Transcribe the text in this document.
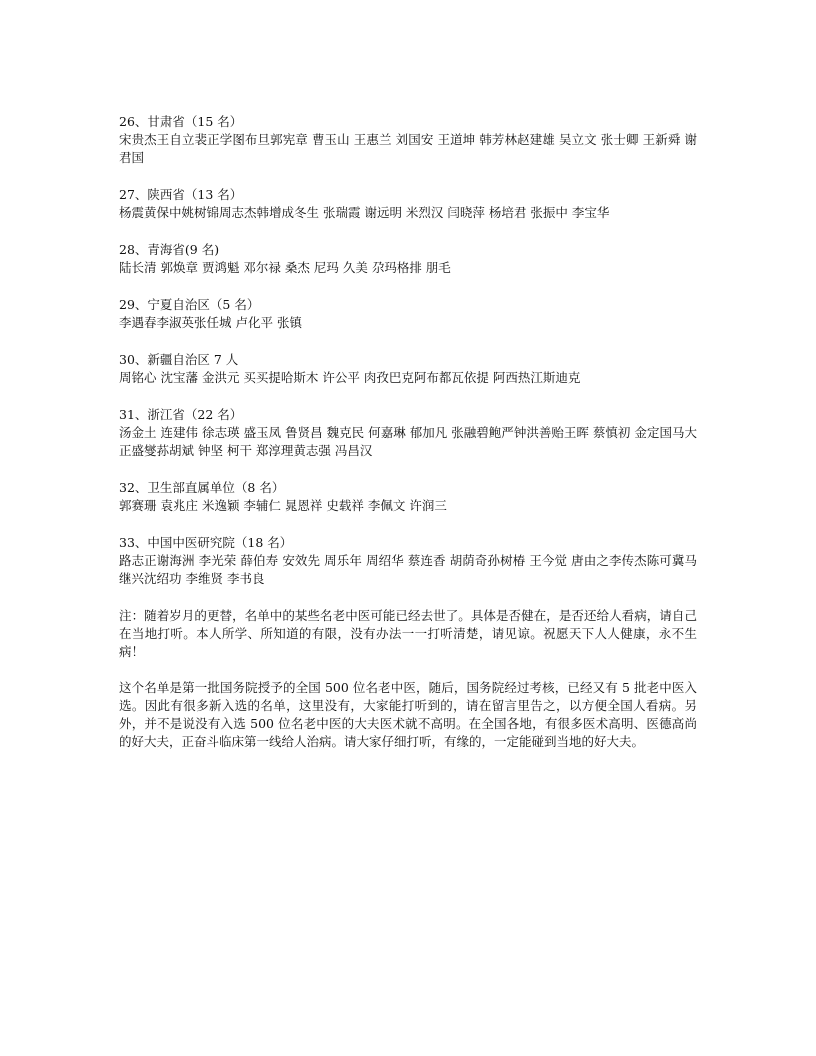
26、甘肃省（15 名）

宋贵杰王自立裴正学图布旦郭宪章 曹玉山 王惠兰 刘国安 王道坤 韩芳林赵建雄 吴立文 张士卿 王新舜 谢君国

27、陕西省（13 名）

杨震黄保中姚树锦周志杰韩增成冬生 张瑞霞 谢远明 米烈汉 闫晓萍 杨培君 张振中 李宝华

28、青海省(9 名)

陆长清 郭焕章 贾鸿魁 邓尔禄 桑杰 尼玛 久美 尕玛格排 朋毛

29、宁夏自治区（5 名）

李遇春李淑英张任城 卢化平 张镇

30、新疆自治区 7 人

周铭心 沈宝藩 金洪元 买买提哈斯木 许公平 肉孜巴克阿布都瓦依提 阿西热江斯迪克

31、浙江省（22 名）

汤金土 连建伟 徐志瑛 盛玉凤 鲁贤昌 魏克民 何嘉琳 郁加凡 张融碧鲍严钟洪善贻王晖 蔡慎初 金定国马大正盛燮荪胡斌 钟坚 柯干 郑淳理黄志强 冯昌汉

32、卫生部直属单位（8 名）

郭赛珊 袁兆庄 米逸颖 李辅仁 晁恩祥 史载祥 李佩文 许润三

33、中国中医研究院（18 名）

路志正谢海洲 李光荣 薛伯寿 安效先 周乐年 周绍华 蔡连香 胡荫奇孙树椿 王今觉 唐由之李传杰陈可冀马继兴沈绍功 李维贤 李书良

注：随着岁月的更替，名单中的某些名老中医可能已经去世了。具体是否健在，是否还给人看病，请自己在当地打听。本人所学、所知道的有限，没有办法一一打听清楚，请见谅。祝愿天下人人健康，永不生病！

这个名单是第一批国务院授予的全国 500 位名老中医，随后，国务院经过考核，已经又有 5 批老中医入选。因此有很多新入选的名单，这里没有，大家能打听到的，请在留言里告之，以方便全国人看病。另外，并不是说没有入选 500 位名老中医的大夫医术就不高明。在全国各地，有很多医术高明、医德高尚的好大夫，正奋斗临床第一线给人治病。请大家仔细打听，有缘的，一定能碰到当地的好大夫。
